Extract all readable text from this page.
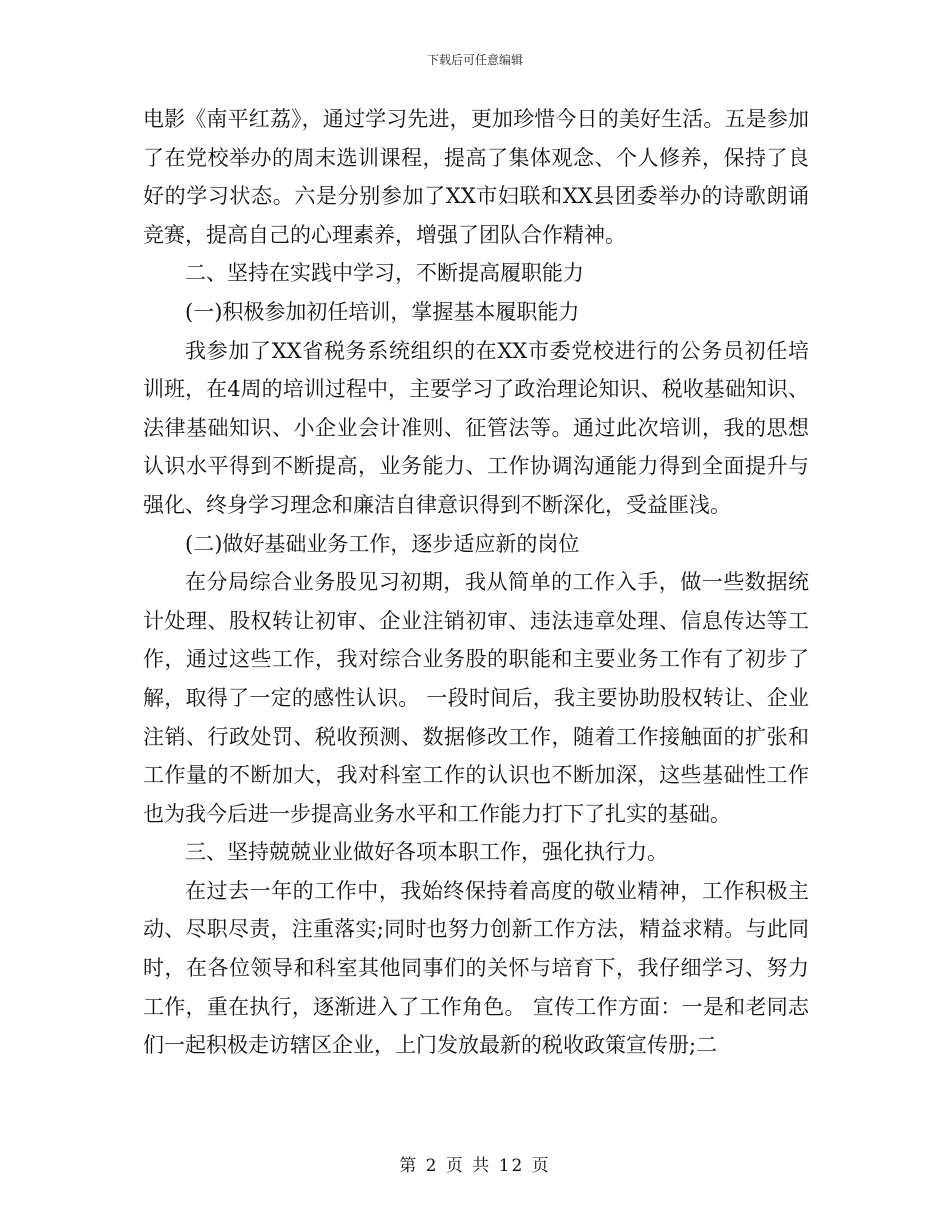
下载后可任意编辑

电影《南平红荔》，通过学习先进，更加珍惜今日的美好生活。五是参加了在党校举办的周末选训课程，提高了集体观念、个人修养，保持了良好的学习状态。六是分别参加了XX市妇联和XX县团委举办的诗歌朗诵竞赛，提高自己的心理素养，增强了团队合作精神。

二、坚持在实践中学习，不断提高履职能力

(一)积极参加初任培训，掌握基本履职能力

我参加了XX省税务系统组织的在XX市委党校进行的公务员初任培训班，在4周的培训过程中，主要学习了政治理论知识、税收基础知识、法律基础知识、小企业会计准则、征管法等。通过此次培训，我的思想认识水平得到不断提高，业务能力、工作协调沟通能力得到全面提升与强化、终身学习理念和廉洁自律意识得到不断深化，受益匪浅。

(二)做好基础业务工作，逐步适应新的岗位

在分局综合业务股见习初期，我从简单的工作入手，做一些数据统计处理、股权转让初审、企业注销初审、违法违章处理、信息传达等工作，通过这些工作，我对综合业务股的职能和主要业务工作有了初步了解，取得了一定的感性认识。 一段时间后，我主要协助股权转让、企业注销、行政处罚、税收预测、数据修改工作，随着工作接触面的扩张和工作量的不断加大，我对科室工作的认识也不断加深，这些基础性工作也为我今后进一步提高业务水平和工作能力打下了扎实的基础。

三、坚持兢兢业业做好各项本职工作，强化执行力。

在过去一年的工作中，我始终保持着高度的敬业精神，工作积极主动、尽职尽责，注重落实;同时也努力创新工作方法，精益求精。与此同时，在各位领导和科室其他同事们的关怀与培育下，我仔细学习、努力工作，重在执行，逐渐进入了工作角色。 宣传工作方面：一是和老同志们一起积极走访辖区企业，上门发放最新的税收政策宣传册;二

第 2 页 共 12 页
